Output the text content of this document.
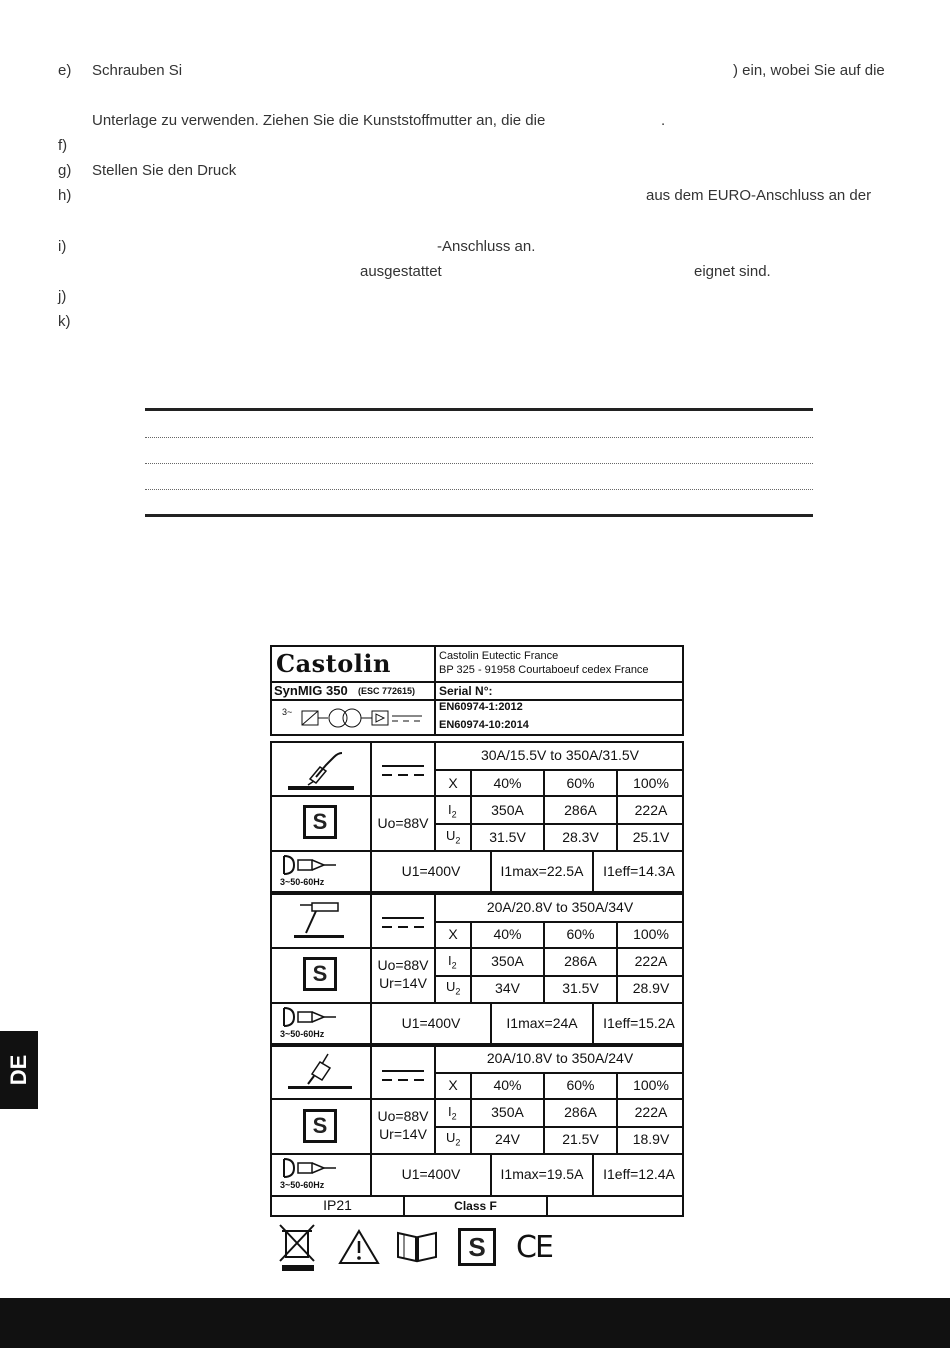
e) Schrauben Si	) ein, wobei Sie auf die
Unterlage zu verwenden. Ziehen Sie die Kunststoffmutter an, die die	.
f)
g) Stellen Sie den Druck
h)	aus dem EURO-Anschluss an der
i)	-Anschluss an.
ausgestattet	eignet sind.
j)
k)
Castolin	Castolin Eutectic France
BP 325 - 91958 Courtaboeuf cedex France
SynMIG 350 (ESC 772615) Serial N°:
EN60974-1:2012
EN60974-10:2014
3~
30A/15.5V to 350A/31.5V
X	40%	60%	100%
S	Uo=88V
$I_2$	350A	286A	222A
$U_2$	31.5V	28.3V	25.1V
3~50-60Hz
U1=400V	I1max=22.5A	I1eff=14.3A
20A/20.8V to 350A/34V
X	40%	60%	100%
S	Uo=88V
Ur=14V
$I_2$	350A	286A	222A
$U_2$	34V	31.5V	28.9V
3~50-60Hz
U1=400V	I1max=24A	I1eff=15.2A
20A/10.8V to 350A/24V
X	40%	60%	100%
S	Uo=88V
Ur=14V
$I_2$	350A	286A	222A
$U_2$	24V	21.5V	18.9V
3~50-60Hz
U1=400V	I1max=19.5A	I1eff=12.4A
IP21	Class F
S	CE
DE
